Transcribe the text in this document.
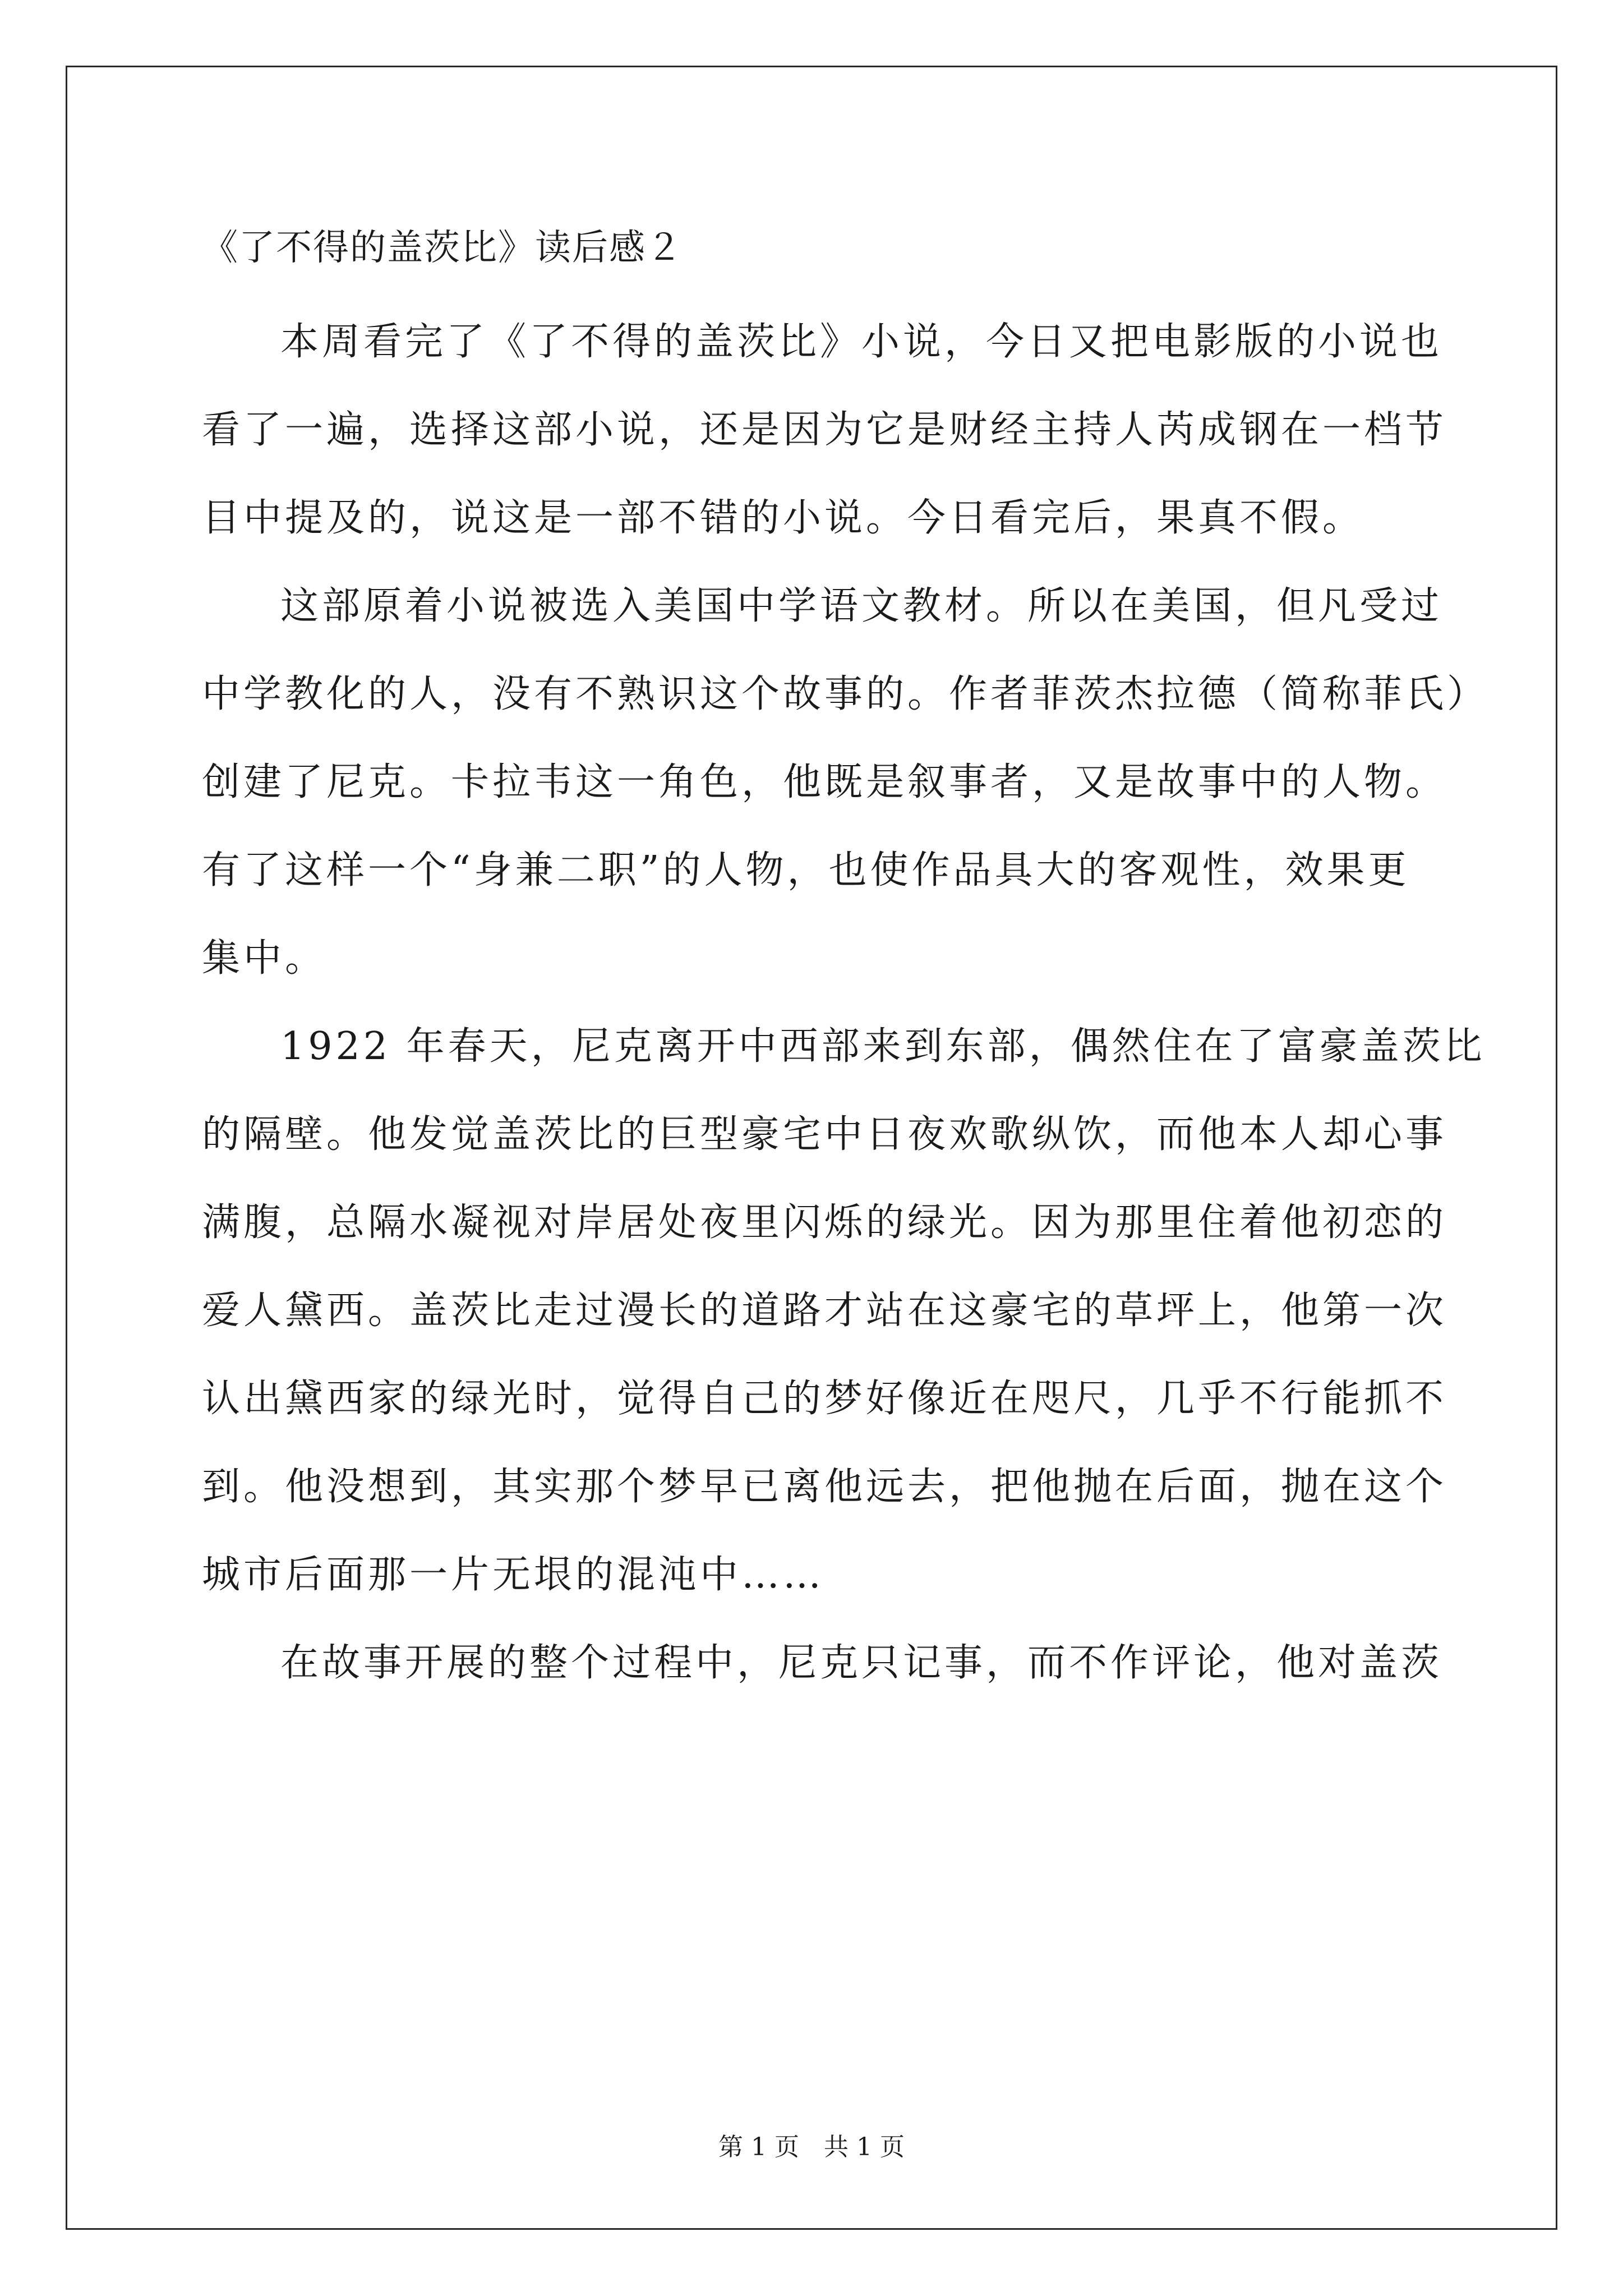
《了不得的盖茨比》读后感２
本周看完了《了不得的盖茨比》小说，今日又把电影版的小说也
看了一遍，选择这部小说，还是因为它是财经主持人芮成钢在一档节
目中提及的，说这是一部不错的小说。今日看完后，果真不假。
这部原着小说被选入美国中学语文教材。所以在美国，但凡受过
中学教化的人，没有不熟识这个故事的。作者菲茨杰拉德（简称菲氏）
创建了尼克。卡拉韦这一角色，他既是叙事者，又是故事中的人物。
有了这样一个“身兼二职”的人物，也使作品具大的客观性，效果更
集中。
1922 年春天，尼克离开中西部来到东部，偶然住在了富豪盖茨比
的隔壁。他发觉盖茨比的巨型豪宅中日夜欢歌纵饮，而他本人却心事
满腹，总隔水凝视对岸居处夜里闪烁的绿光。因为那里住着他初恋的
爱人黛西。盖茨比走过漫长的道路才站在这豪宅的草坪上，他第一次
认出黛西家的绿光时，觉得自己的梦好像近在咫尺，几乎不行能抓不
到。他没想到，其实那个梦早已离他远去，把他抛在后面，抛在这个
城市后面那一片无垠的混沌中……
在故事开展的整个过程中，尼克只记事，而不作评论，他对盖茨
第 1 页　共 1 页
